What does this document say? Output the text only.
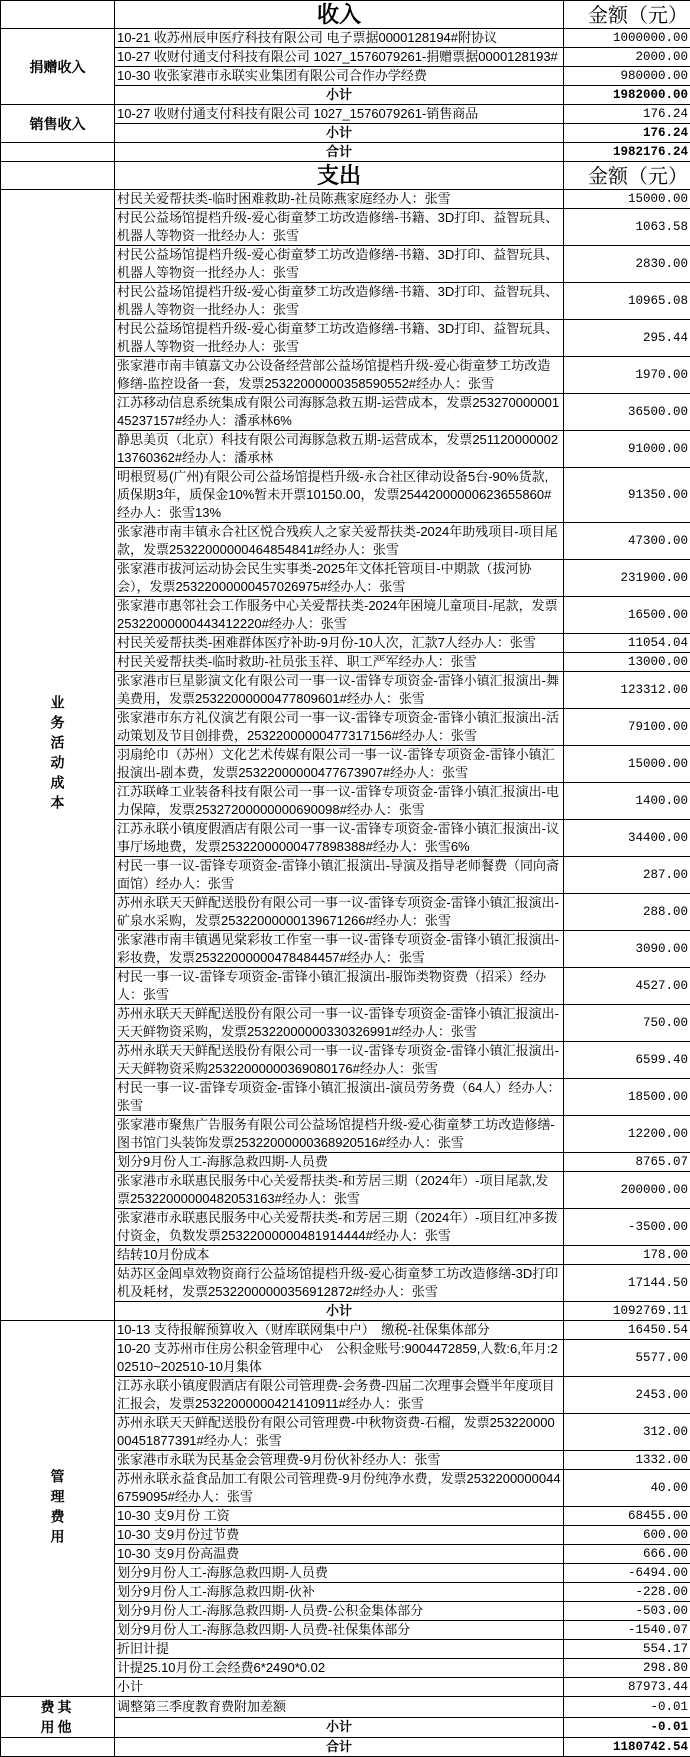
	收入	金额（元）

捐赠收入	10-21 收苏州辰申医疗科技有限公司 电子票据0000128194#附协议	1000000.00
	10-27 收财付通支付科技有限公司 1027_1576079261-捐赠票据0000128193#	2000.00
	10-30 收张家港市永联实业集团有限公司合作办学经费	980000.00
	小计	1982000.00

销售收入	10-27 收财付通支付科技有限公司 1027_1576079261-销售商品	176.24
	小计	176.24
	合计	1982176.24
	支出	金额（元）

业务活动成本	村民关爱帮扶类-临时困难救助-社员陈燕家庭经办人：张雪	15000.00
	村民公益场馆提档升级-爱心街童梦工坊改造修缮-书籍、3D打印、益智玩具、机器人等物资一批经办人：张雪	1063.58
	村民公益场馆提档升级-爱心街童梦工坊改造修缮-书籍、3D打印、益智玩具、机器人等物资一批经办人：张雪	2830.00
	村民公益场馆提档升级-爱心街童梦工坊改造修缮-书籍、3D打印、益智玩具、机器人等物资一批经办人：张雪	10965.08
	村民公益场馆提档升级-爱心街童梦工坊改造修缮-书籍、3D打印、益智玩具、机器人等物资一批经办人：张雪	295.44
	张家港市南丰镇嘉文办公设备经营部公益场馆提档升级-爱心街童梦工坊改造修缮-监控设备一套，发票25322000000358590552#经办人：张雪	1970.00
	江苏移动信息系统集成有限公司海豚急救五期-运营成本，发票25327000000145237157#经办人：潘承林6%	36500.00
	静思美页（北京）科技有限公司海豚急救五期-运营成本，发票25112000000213760362#经办人：潘承林	91000.00
	明根贸易(广州)有限公司公益场馆提档升级-永合社区律动设备5台-90%货款,质保期3年，质保金10%暂未开票10150.00，发票25442000000623655860#经办人：张雪13%	91350.00
	张家港市南丰镇永合社区悦合残疾人之家关爱帮扶类-2024年助残项目-项目尾款，发票25322000000464854841#经办人：张雪	47300.00
	张家港市拔河运动协会民生实事类-2025年文体托管项目-中期款（拔河协会），发票25322000000457026975#经办人：张雪	231900.00
	张家港市惠邻社会工作服务中心关爱帮扶类-2024年困境儿童项目-尾款，发票25322000000443412220#经办人：张雪	16500.00
	村民关爱帮扶类-困难群体医疗补助-9月份-10人次，汇款7人经办人：张雪	11054.04
	村民关爱帮扶类-临时救助-社员张玉祥、职工严军经办人：张雪	13000.00
	张家港市巨星影演文化有限公司一事一议-雷锋专项资金-雷锋小镇汇报演出-舞美费用，发票25322000000477809601#经办人：张雪	123312.00
	张家港市东方礼仪演艺有限公司一事一议-雷锋专项资金-雷锋小镇汇报演出-活动策划及节目创排费，25322000000477317156#经办人：张雪	79100.00
	羽扇纶巾（苏州）文化艺术传媒有限公司一事一议-雷锋专项资金-雷锋小镇汇报演出-剧本费，发票25322000000477673907#经办人：张雪	15000.00
	江苏联峰工业装备科技有限公司一事一议-雷锋专项资金-雷锋小镇汇报演出-电力保障，发票25327200000000690098#经办人：张雪	1400.00
	江苏永联小镇度假酒店有限公司一事一议-雷锋专项资金-雷锋小镇汇报演出-议事厅场地费，发票25322000000477898388#经办人：张雪6%	34400.00
	村民一事一议-雷锋专项资金-雷锋小镇汇报演出-导演及指导老师餐费（同向斋面馆）经办人：张雪	287.00
	苏州永联天天鲜配送股份有限公司一事一议-雷锋专项资金-雷锋小镇汇报演出-矿泉水采购，发票25322000000139671266#经办人：张雪	288.00
	张家港市南丰镇遇见棠彩妆工作室一事一议-雷锋专项资金-雷锋小镇汇报演出-彩妆费，发票25322000000478484457#经办人：张雪	3090.00
	村民一事一议-雷锋专项资金-雷锋小镇汇报演出-服饰类物资费（招采）经办人：张雪	4527.00
	苏州永联天天鲜配送股份有限公司一事一议-雷锋专项资金-雷锋小镇汇报演出-天天鲜物资采购，发票25322000000330326991#经办人：张雪	750.00
	苏州永联天天鲜配送股份有限公司一事一议-雷锋专项资金-雷锋小镇汇报演出-天天鲜物资采购25322000000369080176#经办人：张雪	6599.40
	村民一事一议-雷锋专项资金-雷锋小镇汇报演出-演员劳务费（64人）经办人：张雪	18500.00
	张家港市聚焦广告服务有限公司公益场馆提档升级-爱心街童梦工坊改造修缮-图书馆门头装饰发票25322000000368920516#经办人：张雪	12200.00
	划分9月份人工-海豚急救四期-人员费	8765.07
	张家港市永联惠民服务中心关爱帮扶类-和芳居三期（2024年）-项目尾款,发票25322000000482053163#经办人：张雪	200000.00
	张家港市永联惠民服务中心关爱帮扶类-和芳居三期（2024年）-项目红冲多拨付资金，负数发票25322000000481914444#经办人：张雪	-3500.00
	结转10月份成本	178.00
	姑苏区金阊卓效物资商行公益场馆提档升级-爱心街童梦工坊改造修缮-3D打印机及耗材，发票25322000000356912872#经办人：张雪	17144.50
	小计	1092769.11

管理费用	10-13 支待报解预算收入（财库联网集中户）　缴税-社保集体部分	16450.54
	10-20 支苏州市住房公积金管理中心　公积金账号:9004472859,人数:6,年月:202510~202510-10月集体	5577.00
	江苏永联小镇度假酒店有限公司管理费-会务费-四届二次理事会暨半年度项目汇报会，发票25322000000421410911#经办人：张雪	2453.00
	苏州永联天天鲜配送股份有限公司管理费-中秋物资费-石榴，发票25322000000451877391#经办人：张雪	312.00
	张家港市永联为民基金会管理费-9月份伙补经办人：张雪	1332.00
	苏州永联永益食品加工有限公司管理费-9月份纯净水费，发票25322000000446759095#经办人：张雪	40.00
	10-30 支9月份 工资	68455.00
	10-30 支9月份过节费	600.00
	10-30 支9月份高温费	666.00
	划分9月份人工-海豚急救四期-人员费	-6494.00
	划分9月份人工-海豚急救四期-伙补	-228.00
	划分9月份人工-海豚急救四期-人员费-公积金集体部分	-503.00
	划分9月份人工-海豚急救四期-人员费-社保集体部分	-1540.07
	折旧计提	554.17
	计提25.10月份工会经费6*2490*0.02	298.80
	小计	87973.44

费其用他	调整第三季度教育费附加差额	-0.01
	小计	-0.01
	合计	1180742.54
